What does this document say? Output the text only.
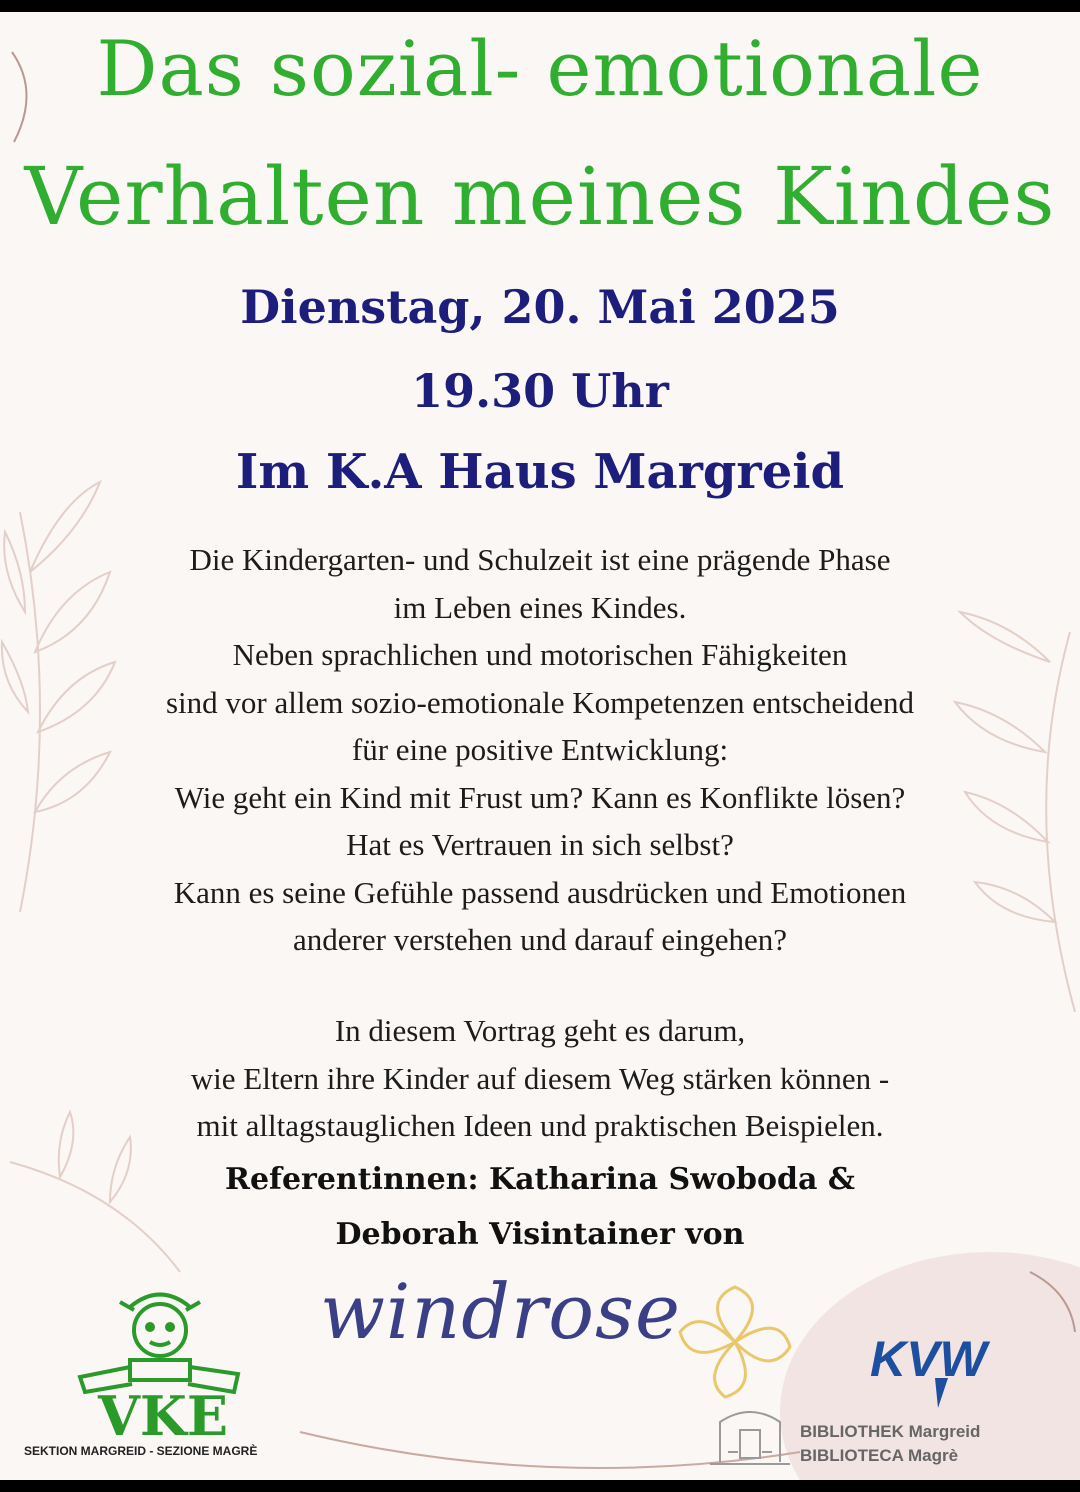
Das sozial- emotionale
Verhalten meines Kindes
Dienstag, 20. Mai 2025
19.30 Uhr
Im K.A Haus Margreid
Die Kindergarten- und Schulzeit ist eine prägende Phase
im Leben eines Kindes.
Neben sprachlichen und motorischen Fähigkeiten
sind vor allem sozio-emotionale Kompetenzen entscheidend
für eine positive Entwicklung:
Wie geht ein Kind mit Frust um? Kann es Konflikte lösen?
Hat es Vertrauen in sich selbst?
Kann es seine Gefühle passend ausdrücken und Emotionen
anderer verstehen und darauf eingehen?
In diesem Vortrag geht es darum,
wie Eltern ihre Kinder auf diesem Weg stärken können -
mit alltagstauglichen Ideen und praktischen Beispielen.
Referentinnen: Katharina Swoboda &
Deborah Visintainer von
windrose
VKE
SEKTION MARGREID - SEZIONE MAGRÈ
KVW
BIBLIOTHEK Margreid
BIBLIOTECA Magrè
